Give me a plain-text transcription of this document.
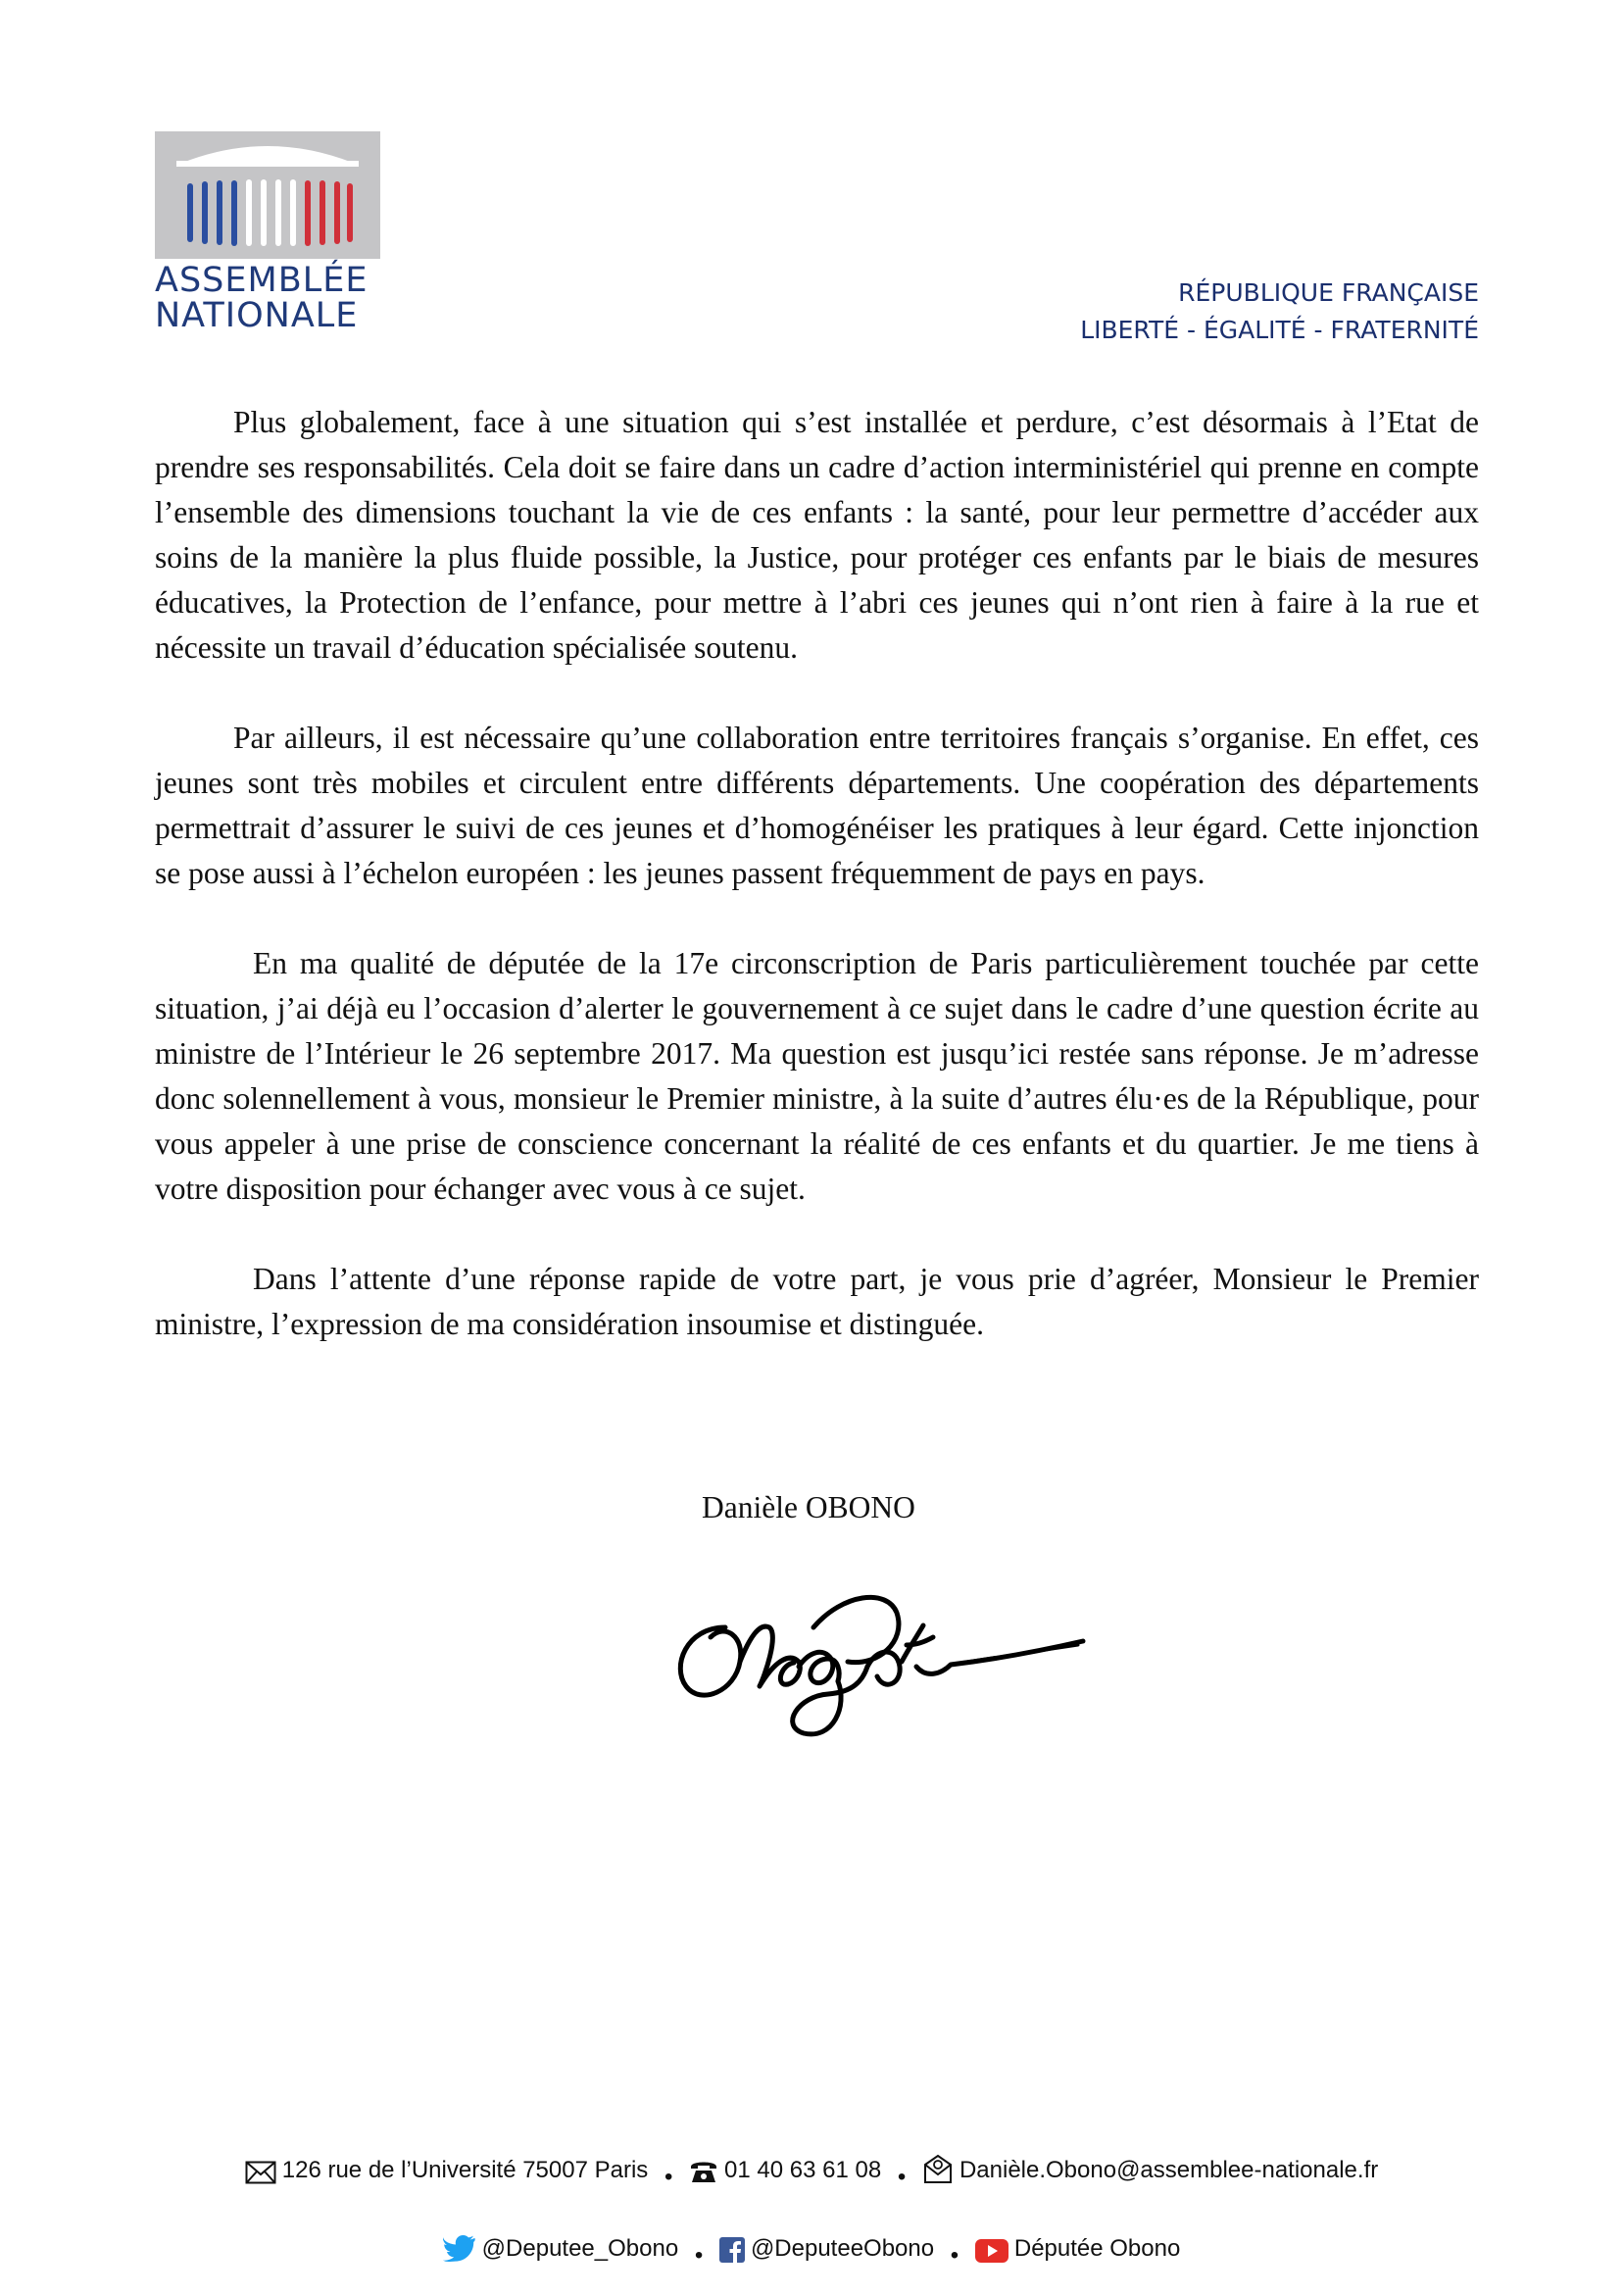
ASSEMBLÉE
NATIONALE
RÉPUBLIQUE FRANÇAISE
LIBERTÉ - ÉGALITÉ - FRATERNITÉ

Plus globalement, face à une situation qui s’est installée et perdure, c’est désormais à l’Etat de prendre ses responsabilités. Cela doit se faire dans un cadre d’action interministériel qui prenne en compte l’ensemble des dimensions touchant la vie de ces enfants : la santé, pour leur permettre d’accéder aux soins de la manière la plus fluide possible, la Justice, pour protéger ces enfants par le biais de mesures éducatives, la Protection de l’enfance, pour mettre à l’abri ces jeunes qui n’ont rien à faire à la rue et nécessite un travail d’éducation spécialisée soutenu.

Par ailleurs, il est nécessaire qu’une collaboration entre territoires français s’organise. En effet, ces jeunes sont très mobiles et circulent entre différents départements. Une coopération des départements permettrait d’assurer le suivi de ces jeunes et d’homogénéiser les pratiques à leur égard. Cette injonction se pose aussi à l’échelon européen : les jeunes passent fréquemment de pays en pays.

En ma qualité de députée de la 17e circonscription de Paris particulièrement touchée par cette situation, j’ai déjà eu l’occasion d’alerter le gouvernement à ce sujet dans le cadre d’une question écrite au ministre de l’Intérieur le 26 septembre 2017. Ma question est jusqu’ici restée sans réponse. Je m’adresse donc solennellement à vous, monsieur le Premier ministre, à la suite d’autres élu·es de la République, pour vous appeler à une prise de conscience concernant la réalité de ces enfants et du quartier. Je me tiens à votre disposition pour échanger avec vous à ce sujet.

Dans l’attente d’une réponse rapide de votre part, je vous prie d’agréer, Monsieur le Premier ministre, l’expression de ma considération insoumise et distinguée.

Danièle OBONO
126 rue de l’Université 75007 Paris • 01 40 63 61 08 • Danièle.Obono@assemblee-nationale.fr
@Deputee_Obono • @DeputeeObono • Députée Obono
